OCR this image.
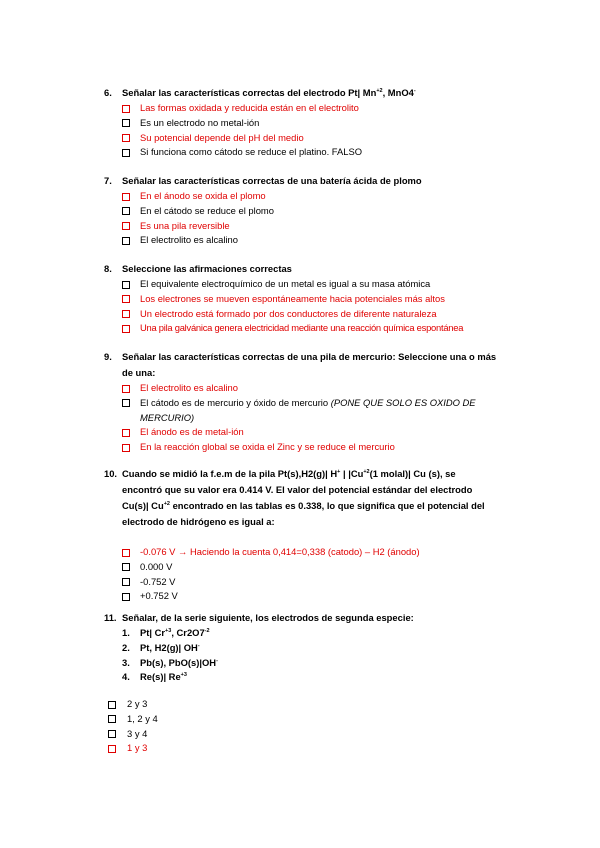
6.	Señalar las características correctas del electrodo Pt| $Mn^{+2}$, MnO4-
Las formas oxidada y reducida están en el electrolito
Es un electrodo no metal-ión
Su potencial depende del pH del medio
Si funciona como cátodo se reduce el platino. FALSO
7.	Señalar las características correctas de una batería ácida de plomo
En el ánodo se oxida el plomo
En el cátodo se reduce el plomo
Es una pila reversible
El electrolito es alcalino
8.	Seleccione las afirmaciones correctas
El equivalente electroquímico de un metal es igual a su masa atómica
Los electrones se mueven espontáneamente hacia potenciales más altos
Un electrodo está formado por dos conductores de diferente naturaleza
Una pila galvánica genera electricidad mediante una reacción química espontánea
9.	Señalar las características correctas de una pila de mercurio: Seleccione una o más de una:
El electrolito es alcalino
El cátodo es de mercurio y óxido de mercurio (PONE QUE SOLO ES OXIDO DE MERCURIO)
El ánodo es de metal-ión
En la reacción global se oxida el Zinc y se reduce el mercurio
10. Cuando se midió la f.e.m de la pila Pt(s),H2(g)| H+ | $|Cu^{+2}(1$ molal)| Cu (s), se encontró que su valor era 0.414 V. El valor del potencial estándar del electrodo Cu(s)| $Cu^{+2}$ encontrado en las tablas es 0.338, lo que significa que el potencial del electrodo de hidrógeno es igual a:
-0.076 V → Haciendo la cuenta 0,414=0,338 (catodo) – H2 (ánodo)
0.000 V
-0.752 V
+0.752 V
11. Señalar, de la serie siguiente, los electrodos de segunda especie:
1.	Pt| $Cr^{+3}$, $Cr2O7^{-2}$
2.	Pt, H2(g)| OH-
3.	Pb(s), PbO(s)|OH-
4.	Re(s)| $Re^{+3}$
2 y 3
1, 2 y 4
3 y 4
1 y 3
